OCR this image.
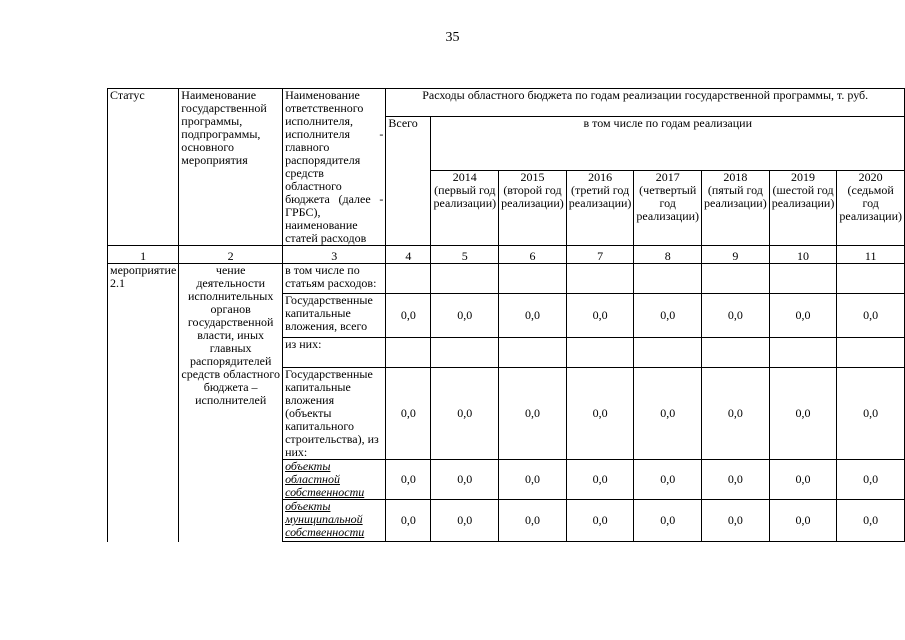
35
Статус	Наименование государственной программы, подпрограммы, основного мероприятия	Наименование ответственного исполнителя, исполнителя - главного распорядителя средств областного бюджета (далее - ГРБС), наименование статей расходов	Расходы областного бюджета по годам реализации государственной программы, т. руб.							
			Всего	в том числе по годам реализации						
				2014 (первый год реализации)	2015 (второй год реализации)	2016 (третий год реализации)	2017 (четвертый год реализации)	2018 (пятый год реализации)	2019 (шестой год реализации)	2020 (седьмой год реализации)
1	2	3	4	5	6	7	8	9	10	11
мероприятие 2.1	чение деятельности исполнительных органов государственной власти, иных главных распорядителей средств областного бюджета – исполнителей	в том числе по статьям расходов:								
		Государственные капитальные вложения, всего	0,0	0,0	0,0	0,0	0,0	0,0	0,0	0,0
		из них:								
		Государственные капитальные вложения (объекты капитального строительства), из них:	0,0	0,0	0,0	0,0	0,0	0,0	0,0	0,0
		объекты областной собственности	0,0	0,0	0,0	0,0	0,0	0,0	0,0	0,0
		объекты муниципальной собственности	0,0	0,0	0,0	0,0	0,0	0,0	0,0	0,0
